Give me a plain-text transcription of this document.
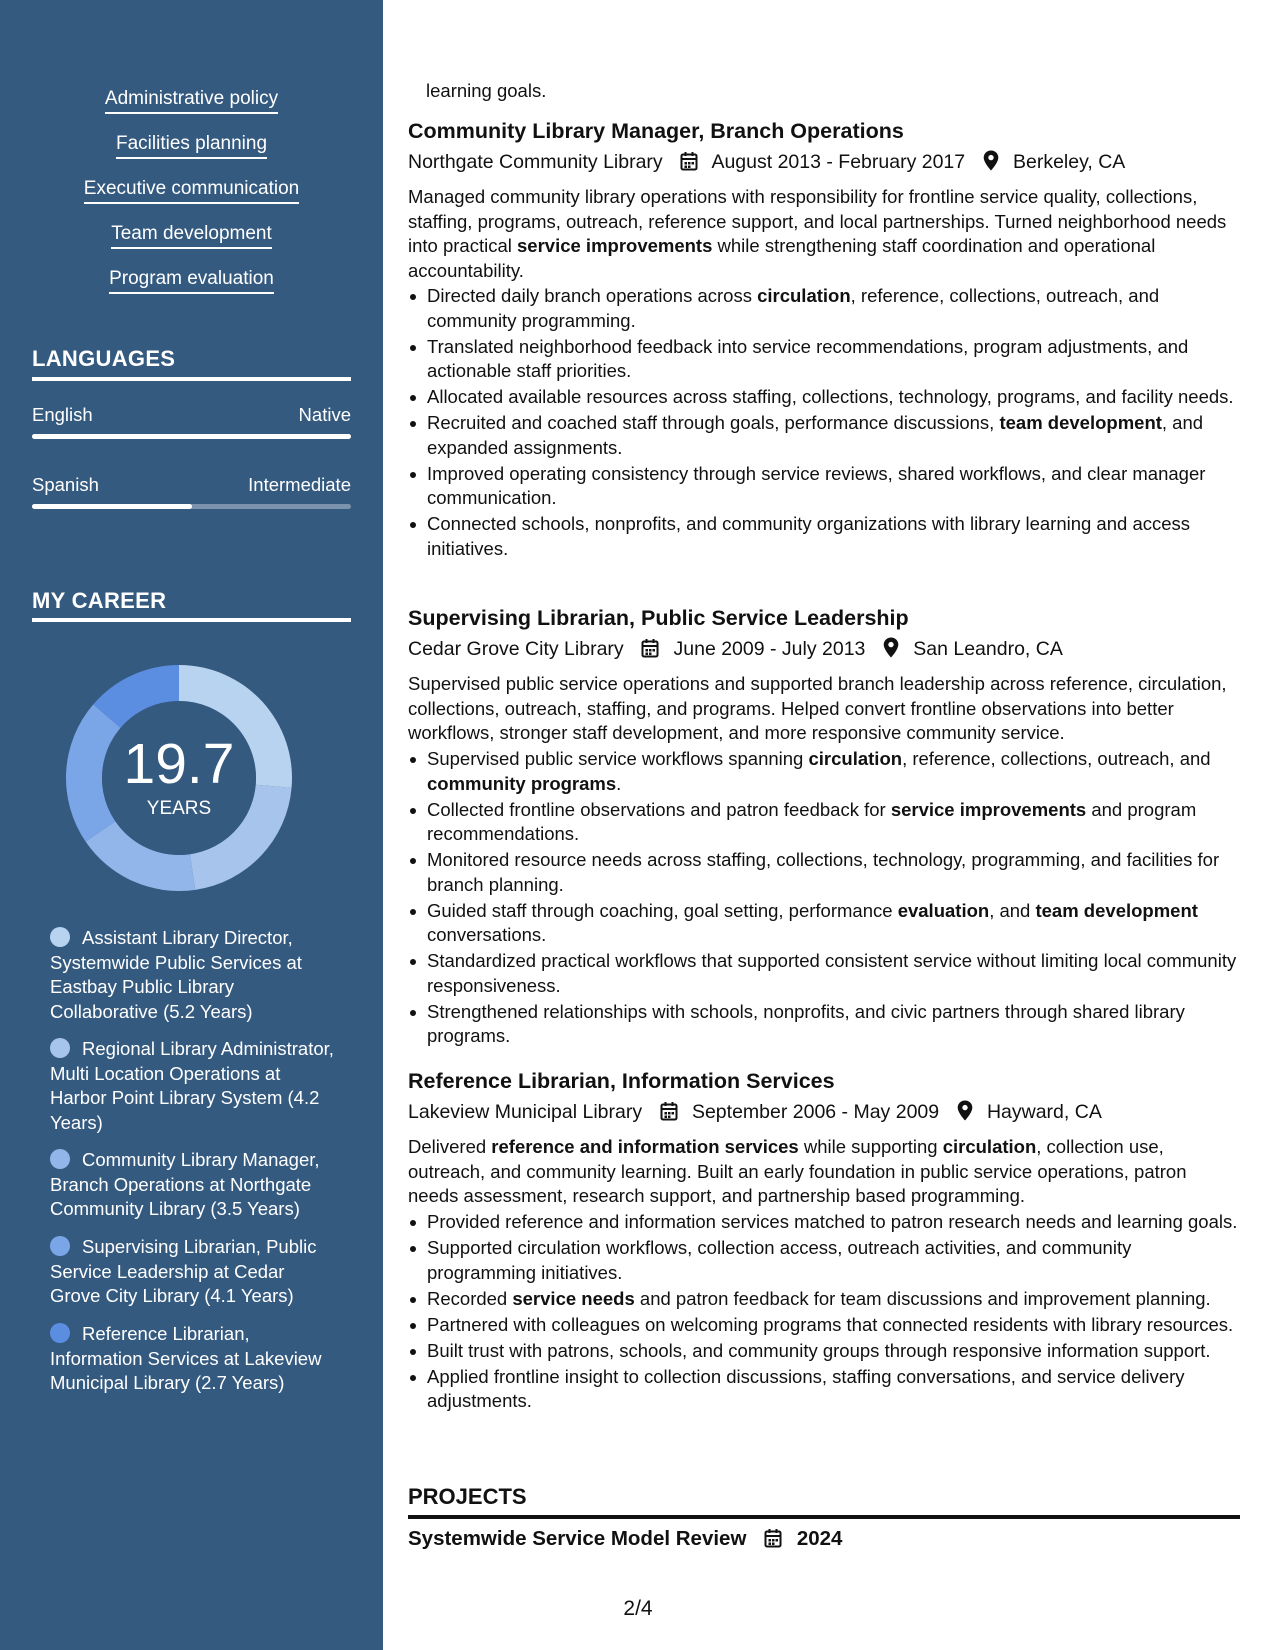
Administrative policy
Facilities planning
Executive communication
Team development
Program evaluation
LANGUAGES
English	Native
Spanish	Intermediate
MY CAREER
19.7
YEARS
Assistant Library Director, Systemwide Public Services at Eastbay Public Library Collaborative (5.2 Years)
Regional Library Administrator, Multi Location Operations at Harbor Point Library System (4.2 Years)
Community Library Manager, Branch Operations at Northgate Community Library (3.5 Years)
Supervising Librarian, Public Service Leadership at Cedar Grove City Library (4.1 Years)
Reference Librarian, Information Services at Lakeview Municipal Library (2.7 Years)
learning goals.
Community Library Manager, Branch Operations
Northgate Community Library	August 2013 - February 2017 Berkeley, CA
Managed community library operations with responsibility for frontline service quality, collections, staffing, programs, outreach, reference support, and local partnerships. Turned neighborhood needs into practical service improvements while strengthening staff coordination and operational accountability.
Directed daily branch operations across circulation, reference, collections, outreach, and community programming.
Translated neighborhood feedback into service recommendations, program adjustments, and actionable staff priorities.
Allocated available resources across staffing, collections, technology, programs, and facility needs.
Recruited and coached staff through goals, performance discussions, team development, and expanded assignments.
Improved operating consistency through service reviews, shared workflows, and clear manager communication.
Connected schools, nonprofits, and community organizations with library learning and access initiatives.
Supervising Librarian, Public Service Leadership
Cedar Grove City Library	June 2009 - July 2013 San Leandro, CA
Supervised public service operations and supported branch leadership across reference, circulation, collections, outreach, staffing, and programs. Helped convert frontline observations into better workflows, stronger staff development, and more responsive community service.
Supervised public service workflows spanning circulation, reference, collections, outreach, and community programs.
Collected frontline observations and patron feedback for service improvements and program recommendations.
Monitored resource needs across staffing, collections, technology, programming, and facilities for branch planning.
Guided staff through coaching, goal setting, performance evaluation, and team development conversations.
Standardized practical workflows that supported consistent service without limiting local community responsiveness.
Strengthened relationships with schools, nonprofits, and civic partners through shared library programs.
Reference Librarian, Information Services
Lakeview Municipal Library	September 2006 - May 2009 Hayward, CA
Delivered reference and information services while supporting circulation, collection use, outreach, and community learning. Built an early foundation in public service operations, patron needs assessment, research support, and partnership based programming.
Provided reference and information services matched to patron research needs and learning goals.
Supported circulation workflows, collection access, outreach activities, and community programming initiatives.
Recorded service needs and patron feedback for team discussions and improvement planning.
Partnered with colleagues on welcoming programs that connected residents with library resources.
Built trust with patrons, schools, and community groups through responsive information support.
Applied frontline insight to collection discussions, staffing conversations, and service delivery adjustments.
PROJECTS
Systemwide Service Model Review 2024
2/4
